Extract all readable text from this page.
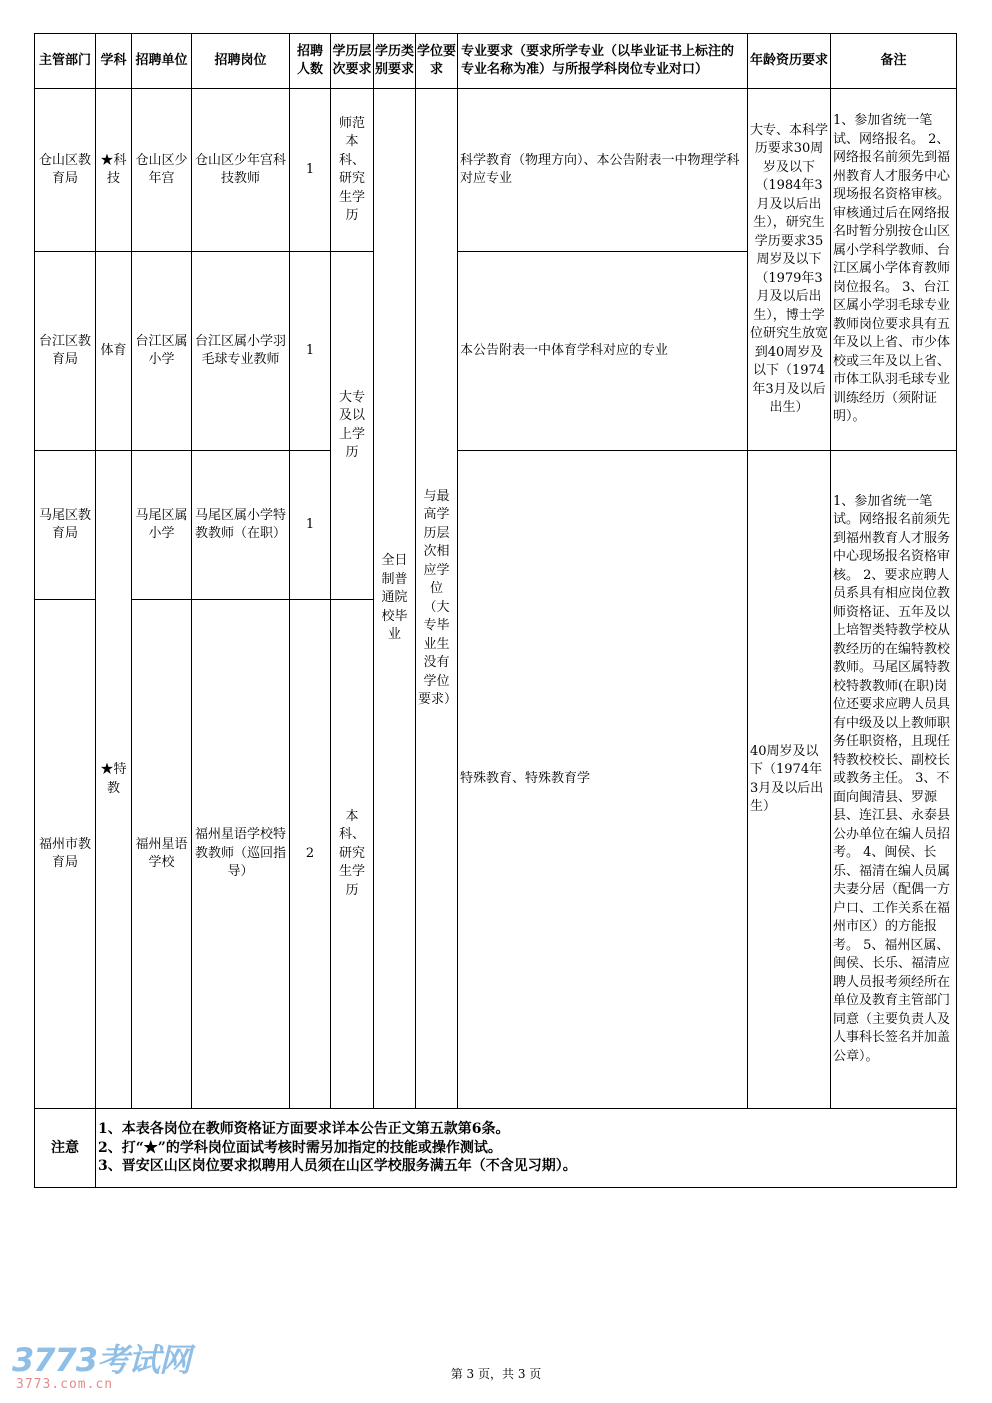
主管部门	学科	招聘单位	招聘岗位	招聘人数	学历层次要求	学历类别要求	学位要求	专业要求（要求所学专业（以毕业证书上标注的专业名称为准）与所报学科岗位专业对口）	年龄资历要求	备注
仓山区教育局	★科技	仓山区少年宫	仓山区少年宫科技教师	1	师范本科、研究生学历	全日制普通院校毕业	与最高学历层次相应学位（大专毕业生没有学位要求）	科学教育（物理方向）、本公告附表一中物理学科对应专业	大专、本科学历要求30周岁及以下（1984年3月及以后出生），研究生学历要求35周岁及以下（1979年3月及以后出生），博士学位研究生放宽到40周岁及以下（1974年3月及以后出生）	1、参加省统一笔试、网络报名。 2、网络报名前须先到福州教育人才服务中心现场报名资格审核。审核通过后在网络报名时暂分别按仓山区属小学科学教师、台江区属小学体育教师岗位报名。 3、台江区属小学羽毛球专业教师岗位要求具有五年及以上省、市少体校或三年及以上省、市体工队羽毛球专业训练经历（须附证明）。
台江区教育局	体育	台江区属小学	台江区属小学羽毛球专业教师	1	大专及以上学历			本公告附表一中体育学科对应的专业		
马尾区教育局	★特教	马尾区属小学	马尾区属小学特教教师（在职）	1				特殊教育、特殊教育学	40周岁及以下（1974年3月及以后出生）	1、参加省统一笔试。网络报名前须先到福州教育人才服务中心现场报名资格审核。 2、要求应聘人员系具有相应岗位教师资格证、五年及以上培智类特教学校从教经历的在编特教校教师。马尾区属特教校特教教师(在职)岗位还要求应聘人员具有中级及以上教师职务任职资格，且现任特教校校长、副校长或教务主任。 3、不面向闽清县、罗源县、连江县、永泰县公办单位在编人员招考。 4、闽侯、长乐、福清在编人员属夫妻分居（配偶一方户口、工作关系在福州市区）的方能报考。 5、福州区属、闽侯、长乐、福清应聘人员报考须经所在单位及教育主管部门同意（主要负责人及人事科长签名并加盖公章）。
福州市教育局		福州星语学校	福州星语学校特教教师（巡回指导）	2	本科、研究生学历					
注意	1、本表各岗位在教师资格证方面要求详本公告正文第五款第6条。
2、打“★”的学科岗位面试考核时需另加指定的技能或操作测试。
3、晋安区山区岗位要求拟聘用人员须在山区学校服务满五年（不含见习期）。									
3773考试网
3773.com.cn
第 3 页，共 3 页
